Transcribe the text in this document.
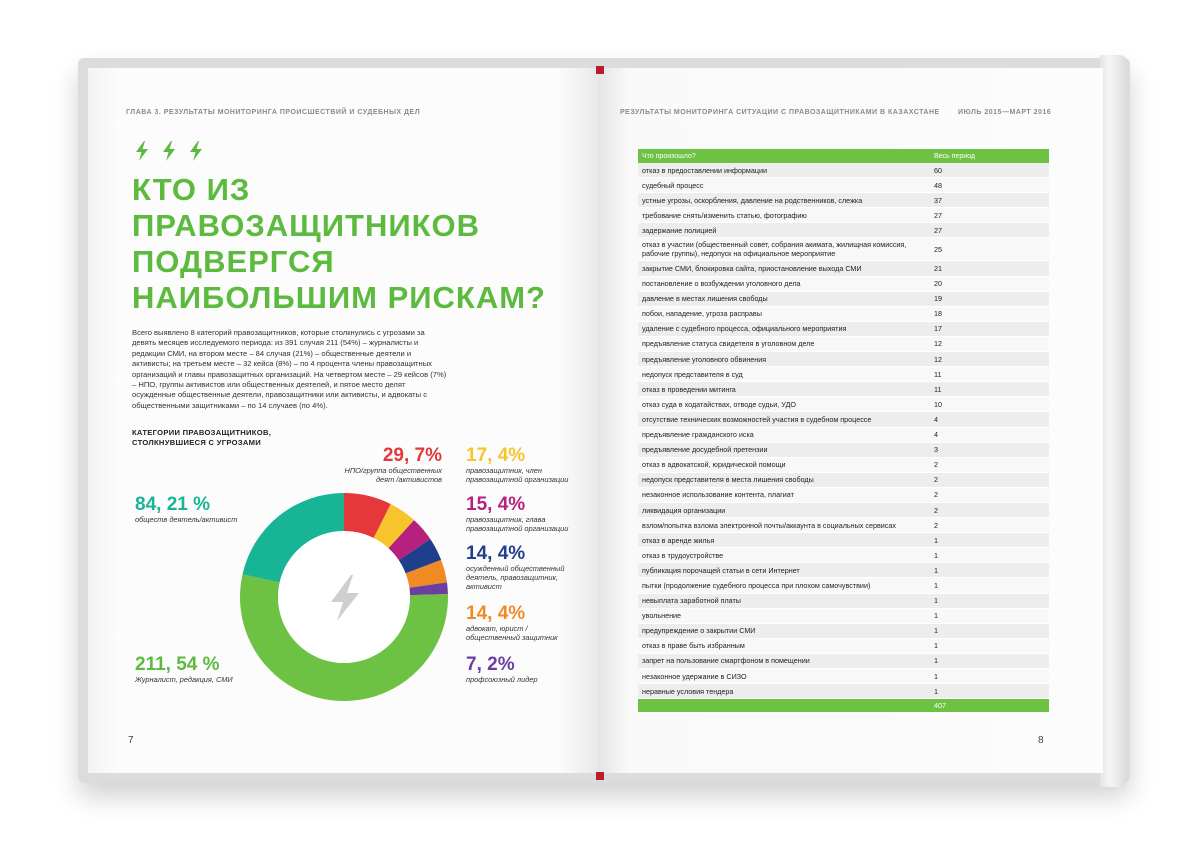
ГЛАВА 3. РЕЗУЛЬТАТЫ МОНИТОРИНГА ПРОИСШЕСТВИЙ И СУДЕБНЫХ ДЕЛ
КТО ИЗ
ПРАВОЗАЩИТНИКОВ
ПОДВЕРГСЯ
НАИБОЛЬШИМ РИСКАМ?

Всего выявлено 8 категорий правозащитников, которые столкнулись с угрозами за девять месяцев исследуемого периода: из 391 случая 211 (54%) – журналисты и редакции СМИ, на втором месте – 84 случая (21%) – общественные деятели и активисты; на третьем месте – 32 кейса (8%) – по 4 процента члены правозащитных организаций и главы правозащитных организаций. На четвертом месте – 29 кейсов (7%) – НПО, группы активистов или общественных деятелей, и пятое место делят осужденные общественные деятели, правозащитники или активисты, и адвокаты с общественными защитниками – по 14 случаев (по 4%).

КАТЕГОРИИ ПРАВОЗАЩИТНИКОВ,
СТОЛКНУВШИЕСЯ С УГРОЗАМИ
84, 21 %
обществ деятель/активист
211, 54 %
Журналист, редакция, СМИ
29, 7%
НПО/группа общественных деят /активистов
17, 4%
правозащитник, член правозащитной организации
15, 4%
правозащитник, глава правозащитной организации
14, 4%
осужденный общественный деятель, правозащитник, активист
14, 4%
адвокат, юрист / общественный защитник
7, 2%
профсоюзный лидер
7
РЕЗУЛЬТАТЫ МОНИТОРИНГА СИТУАЦИИ С ПРАВОЗАЩИТНИКАМИ В КАЗАХСТАНЕ	ИЮЛЬ 2015—МАРТ 2016
Что произошло?	Весь период
отказ в предоставлении информации	60
судебный процесс	48
устные угрозы, оскорбления, давление на родственников, слежка	37
требование снять/изменить статью, фотографию	27
задержание полицией	27
отказ в участии (общественный совет, собрания акимата, жилищная комиссия, рабочие группы), недопуск на официальное мероприятие	25
закрытие СМИ, блокировка сайта, приостановление выхода СМИ	21
постановление о возбуждении уголовного дела	20
давление в местах лишения свободы	19
побои, нападение, угроза расправы	18
удаление с судебного процесса, официального мероприятия	17
предъявление статуса свидетеля в уголовном деле	12
предъявление уголовного обвинения	12
недопуск представителя в суд	11
отказ в проведении митинга	11
отказ суда в ходатайствах, отводе судьи, УДО	10
отсутствие технических возможностей участия в судебном процессе	4
предъявление гражданского иска	4
предъявление досудебной претензии	3
отказ в адвокатской, юридической помощи	2
недопуск представителя в места лишения свободы	2
незаконное использование контента, плагиат	2
ликвидация организации	2
взлом/попытка взлома электронной почты/аккаунта в социальных сервисах	2
отказ в аренде жилья	1
отказ в трудоустройстве	1
публикация порочащей статьи в сети Интернет	1
пытки (продолжение судебного процесса при плохом самочувствии)	1
невыплата заработной платы	1
увольнение	1
предупреждение о закрытии СМИ	1
отказ в праве быть избранным	1
запрет на пользование смартфоном в помещении	1
незаконное удержание в СИЗО	1
неравные условия тендера	1
	407
8
